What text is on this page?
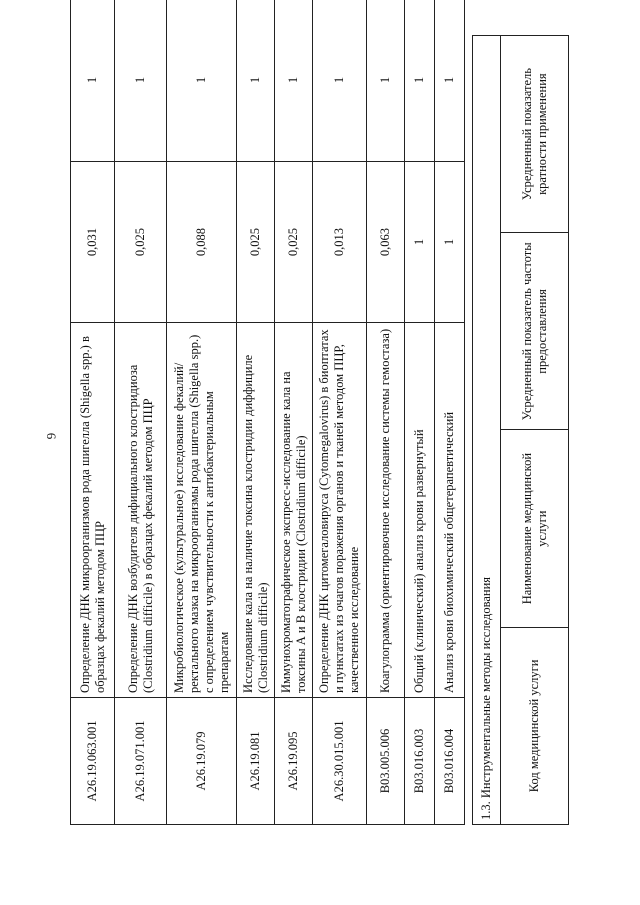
6
A26.19.063.001	Определение ДНК микроорганизмов рода шигелла (Shigella spp.) в образцах фекалий методом ПЦР	0,031	1
A26.19.071.001	Определение ДНК возбудителя дифициального клостридиоза (Clostridium difficile) в образцах фекалий методом ПЦР	0,025	1
A26.19.079	Микробиологическое (культуральное) исследование фекалий/ректального мазка на микроорганизмы рода шигелла (Shigella spp.) с определением чувствительности к антибактериальным препаратам	0,088	1
A26.19.081	Исследование кала на наличие токсина клостридии диффициле (Clostridium difficile)	0,025	1
A26.19.095	Иммунохроматографическое экспресс-исследование кала на токсины А и В клостридии (Clostridium difficile)	0,025	1
A26.30.015.001	Определение ДНК цитомегаловируса (Cytomegalovirus) в биоптатах и пунктатах из очагов поражения органов и тканей методом ПЦР, качественное исследование	0,013	1
B03.005.006	Коагулограмма (ориентировочное исследование системы гемостаза)	0,063	1
B03.016.003	Общий (клинический) анализ крови развернутый	1	1
B03.016.004	Анализ крови биохимический общетерапевтический	1	1
1.3. Инструментальные методы исследования
Код медицинской услуги	Наименование медицинской услуги	Усредненный показатель частоты предоставления	Усредненный показатель кратности применения
